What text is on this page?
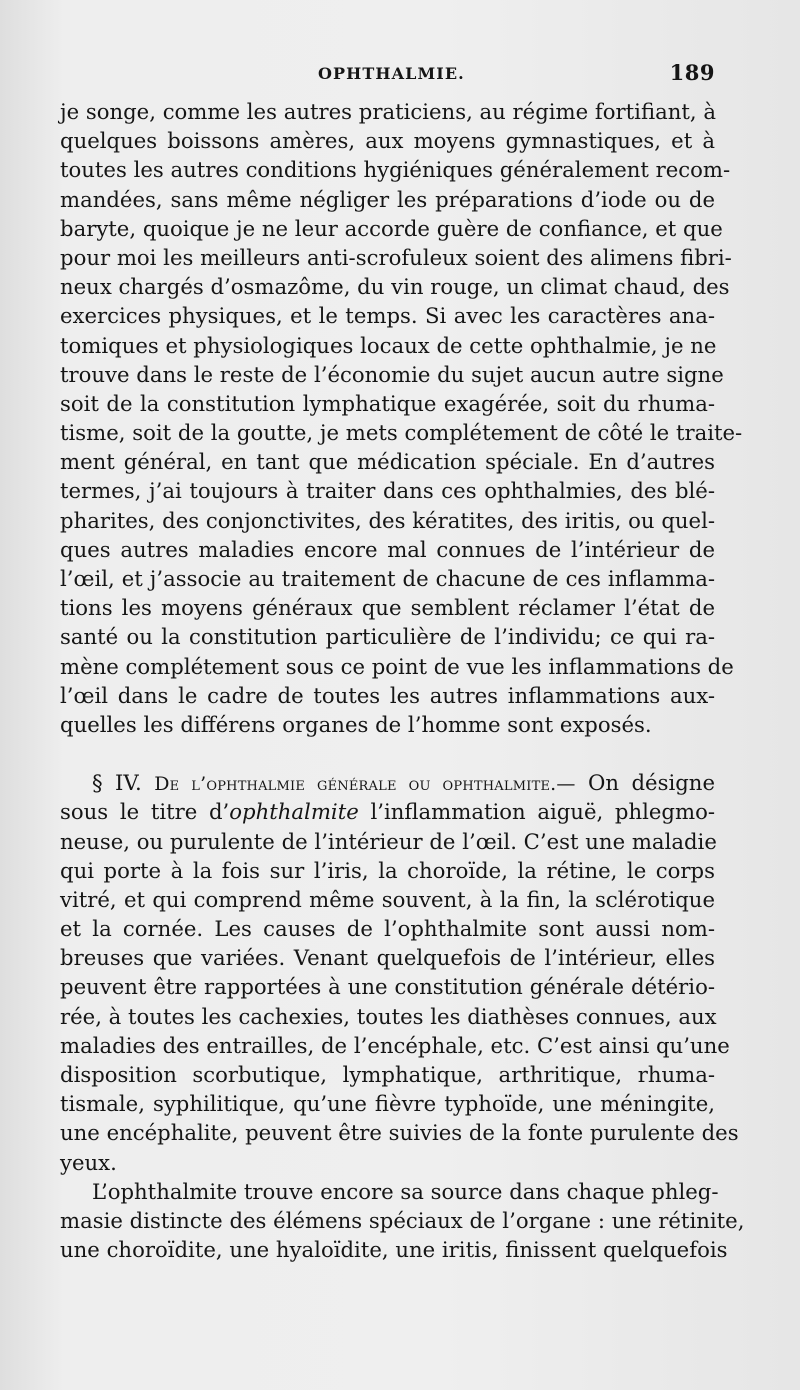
OPHTHALMIE.	189
je songe, comme les autres praticiens, au régime fortifiant, à
quelques boissons amères, aux moyens gymnastiques, et à
toutes les autres conditions hygiéniques généralement recom-
mandées, sans même négliger les préparations d’iode ou de
baryte, quoique je ne leur accorde guère de confiance, et que
pour moi les meilleurs anti-scrofuleux soient des alimens fibri-
neux chargés d’osmazôme, du vin rouge, un climat chaud, des
exercices physiques, et le temps. Si avec les caractères ana-
tomiques et physiologiques locaux de cette ophthalmie, je ne
trouve dans le reste de l’économie du sujet aucun autre signe
soit de la constitution lymphatique exagérée, soit du rhuma-
tisme, soit de la goutte, je mets complétement de côté le traite-
ment général, en tant que médication spéciale. En d’autres
termes, j’ai toujours à traiter dans ces ophthalmies, des blé-
pharites, des conjonctivites, des kératites, des iritis, ou quel-
ques autres maladies encore mal connues de l’intérieur de
l’œil, et j’associe au traitement de chacune de ces inflamma-
tions les moyens généraux que semblent réclamer l’état de
santé ou la constitution particulière de l’individu; ce qui ra-
mène complétement sous ce point de vue les inflammations de
l’œil dans le cadre de toutes les autres inflammations aux-
quelles les différens organes de l’homme sont exposés.
§ IV. De l’ophthalmie générale ou ophthalmite.— On désigne
sous le titre d’ophthalmite l’inflammation aiguë, phlegmo-
neuse, ou purulente de l’intérieur de l’œil. C’est une maladie
qui porte à la fois sur l’iris, la choroïde, la rétine, le corps
vitré, et qui comprend même souvent, à la fin, la sclérotique
et la cornée. Les causes de l’ophthalmite sont aussi nom-
breuses que variées. Venant quelquefois de l’intérieur, elles
peuvent être rapportées à une constitution générale détério-
rée, à toutes les cachexies, toutes les diathèses connues, aux
maladies des entrailles, de l’encéphale, etc. C’est ainsi qu’une
disposition scorbutique, lymphatique, arthritique, rhuma-
tismale, syphilitique, qu’une fièvre typhoïde, une méningite,
une encéphalite, peuvent être suivies de la fonte purulente des
yeux.
L’ophthalmite trouve encore sa source dans chaque phleg-
masie distincte des élémens spéciaux de l’organe : une rétinite,
une choroïdite, une hyaloïdite, une iritis, finissent quelquefois
